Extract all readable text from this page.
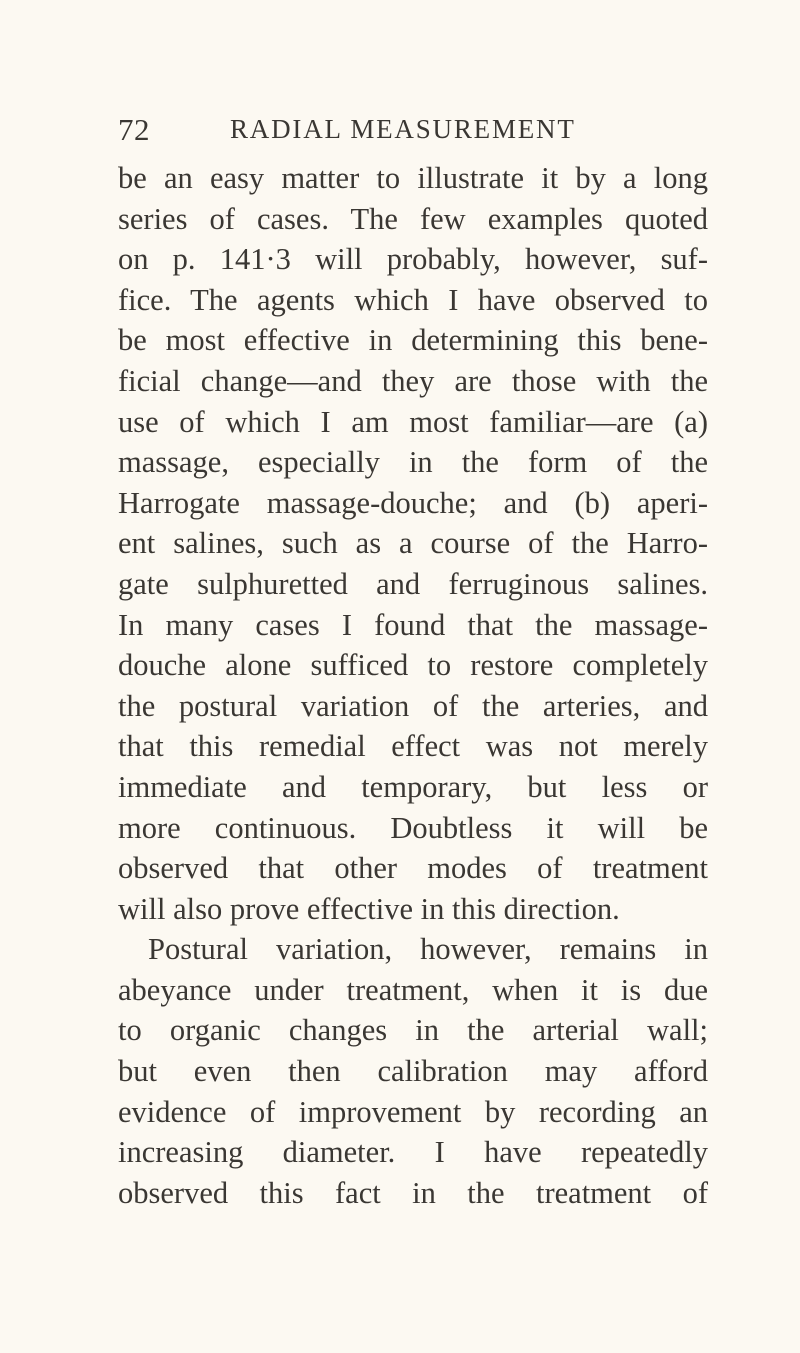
72	RADIAL MEASUREMENT
be an easy matter to illustrate it by a long
series of cases. The few examples quoted
on p. 141·3 will probably, however, suf-
fice. The agents which I have observed to
be most effective in determining this bene-
ficial change—and they are those with the
use of which I am most familiar—are (a)
massage, especially in the form of the
Harrogate massage-douche; and (b) aperi-
ent salines, such as a course of the Harro-
gate sulphuretted and ferruginous salines.
In many cases I found that the massage-
douche alone sufficed to restore completely
the postural variation of the arteries, and
that this remedial effect was not merely
immediate and temporary, but less or
more continuous. Doubtless it will be
observed that other modes of treatment
will also prove effective in this direction.
Postural variation, however, remains in
abeyance under treatment, when it is due
to organic changes in the arterial wall;
but even then calibration may afford
evidence of improvement by recording an
increasing diameter. I have repeatedly
observed this fact in the treatment of
